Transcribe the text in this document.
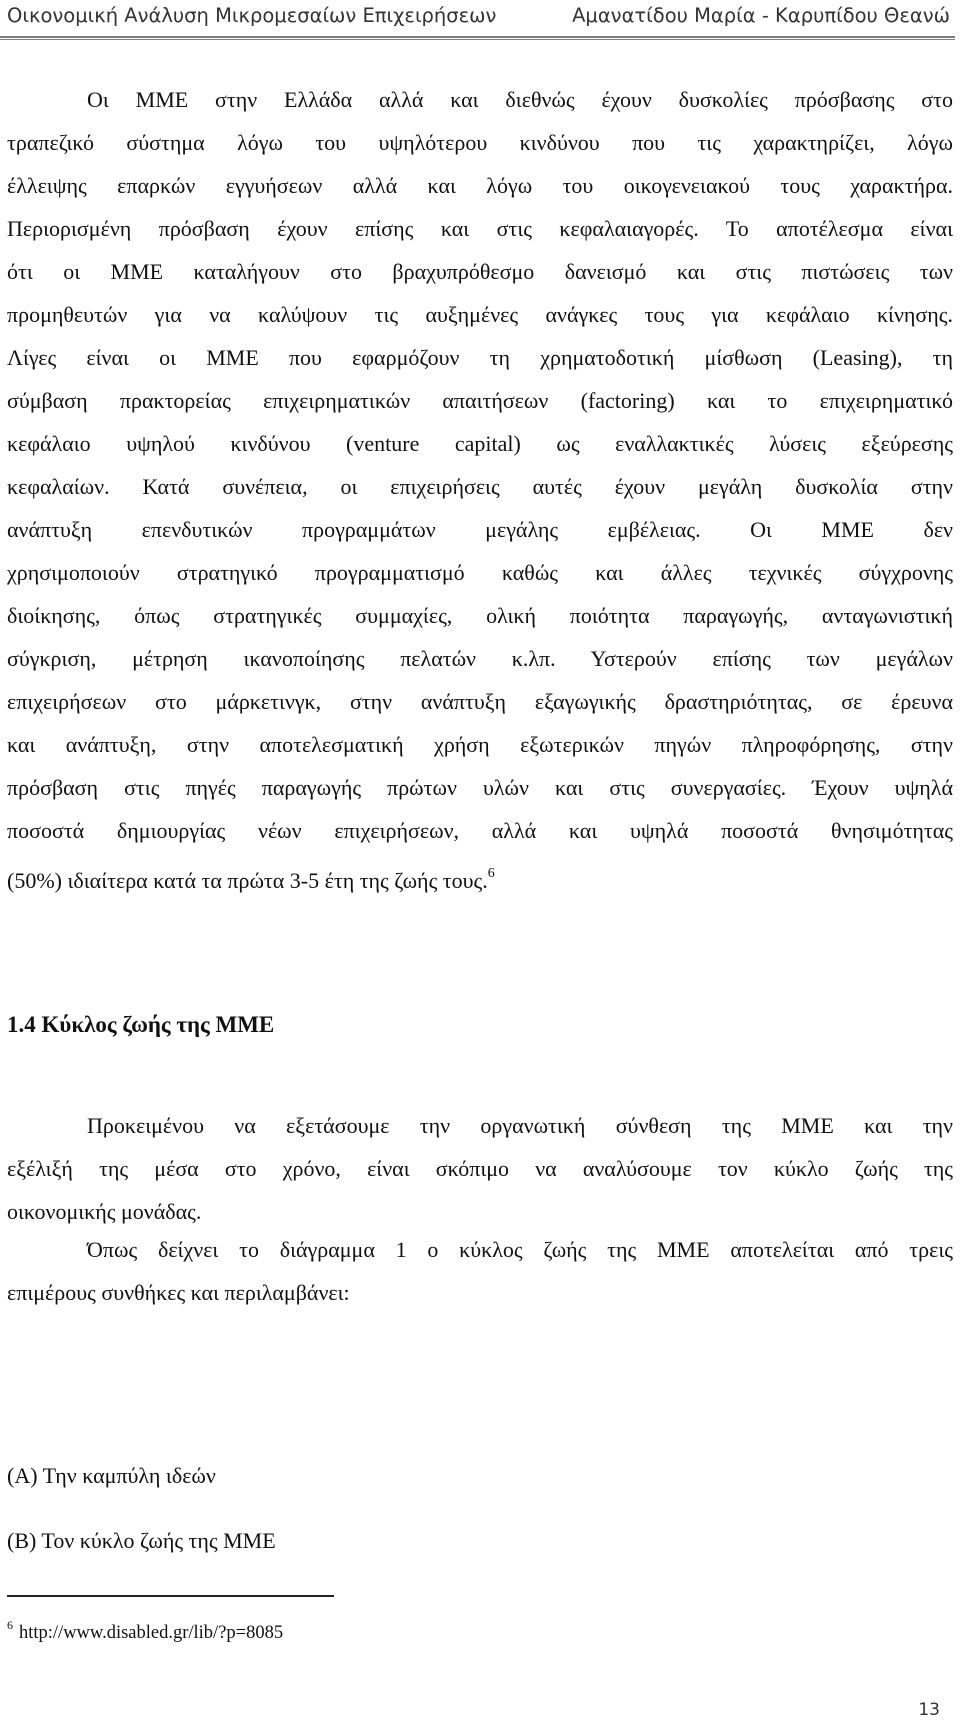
Οικονομική Ανάλυση Μικρομεσαίων Επιχειρήσεων	Αμανατίδου Μαρία - Καρυπίδου Θεανώ
Οι ΜΜΕ στην Ελλάδα αλλά και διεθνώς έχουν δυσκολίες πρόσβασης στο
τραπεζικό σύστημα λόγω του υψηλότερου κινδύνου που τις χαρακτηρίζει, λόγω
έλλειψης επαρκών εγγυήσεων αλλά και λόγω του οικογενειακού τους χαρακτήρα.
Περιορισμένη πρόσβαση έχουν επίσης και στις κεφαλαιαγορές. Το αποτέλεσμα είναι
ότι οι ΜΜΕ καταλήγουν στο βραχυπρόθεσμο δανεισμό και στις πιστώσεις των
προμηθευτών για να καλύψουν τις αυξημένες ανάγκες τους για κεφάλαιο κίνησης.
Λίγες είναι οι ΜΜΕ που εφαρμόζουν τη χρηματοδοτική μίσθωση (Leasing), τη
σύμβαση πρακτορείας επιχειρηματικών απαιτήσεων (factoring) και το επιχειρηματικό
κεφάλαιο υψηλού κινδύνου (venture capital) ως εναλλακτικές λύσεις εξεύρεσης
κεφαλαίων. Κατά συνέπεια, οι επιχειρήσεις αυτές έχουν μεγάλη δυσκολία στην
ανάπτυξη επενδυτικών προγραμμάτων μεγάλης εμβέλειας. Οι ΜΜΕ δεν
χρησιμοποιούν στρατηγικό προγραμματισμό καθώς και άλλες τεχνικές σύγχρονης
διοίκησης, όπως στρατηγικές συμμαχίες, ολική ποιότητα παραγωγής, ανταγωνιστική
σύγκριση, μέτρηση ικανοποίησης πελατών κ.λπ. Υστερούν επίσης των μεγάλων
επιχειρήσεων στο μάρκετινγκ, στην ανάπτυξη εξαγωγικής δραστηριότητας, σε έρευνα
και ανάπτυξη, στην αποτελεσματική χρήση εξωτερικών πηγών πληροφόρησης, στην
πρόσβαση στις πηγές παραγωγής πρώτων υλών και στις συνεργασίες. Έχουν υψηλά
ποσοστά δημιουργίας νέων επιχειρήσεων, αλλά και υψηλά ποσοστά θνησιμότητας
(50%) ιδιαίτερα κατά τα πρώτα 3-5 έτη της ζωής τους.$^6$
1.4 Κύκλος ζωής της ΜΜΕ
Προκειμένου να εξετάσουμε την οργανωτική σύνθεση της ΜΜΕ και την
εξέλιξή της μέσα στο χρόνο, είναι σκόπιμο να αναλύσουμε τον κύκλο ζωής της
οικονομικής μονάδας.
Όπως δείχνει το διάγραμμα 1 ο κύκλος ζωής της ΜΜΕ αποτελείται από τρεις
επιμέρους συνθήκες και περιλαμβάνει:
(Α) Την καμπύλη ιδεών
(Β) Τον κύκλο ζωής της ΜΜΕ
$^6$ http://www.disabled.gr/lib/?p=8085
13
